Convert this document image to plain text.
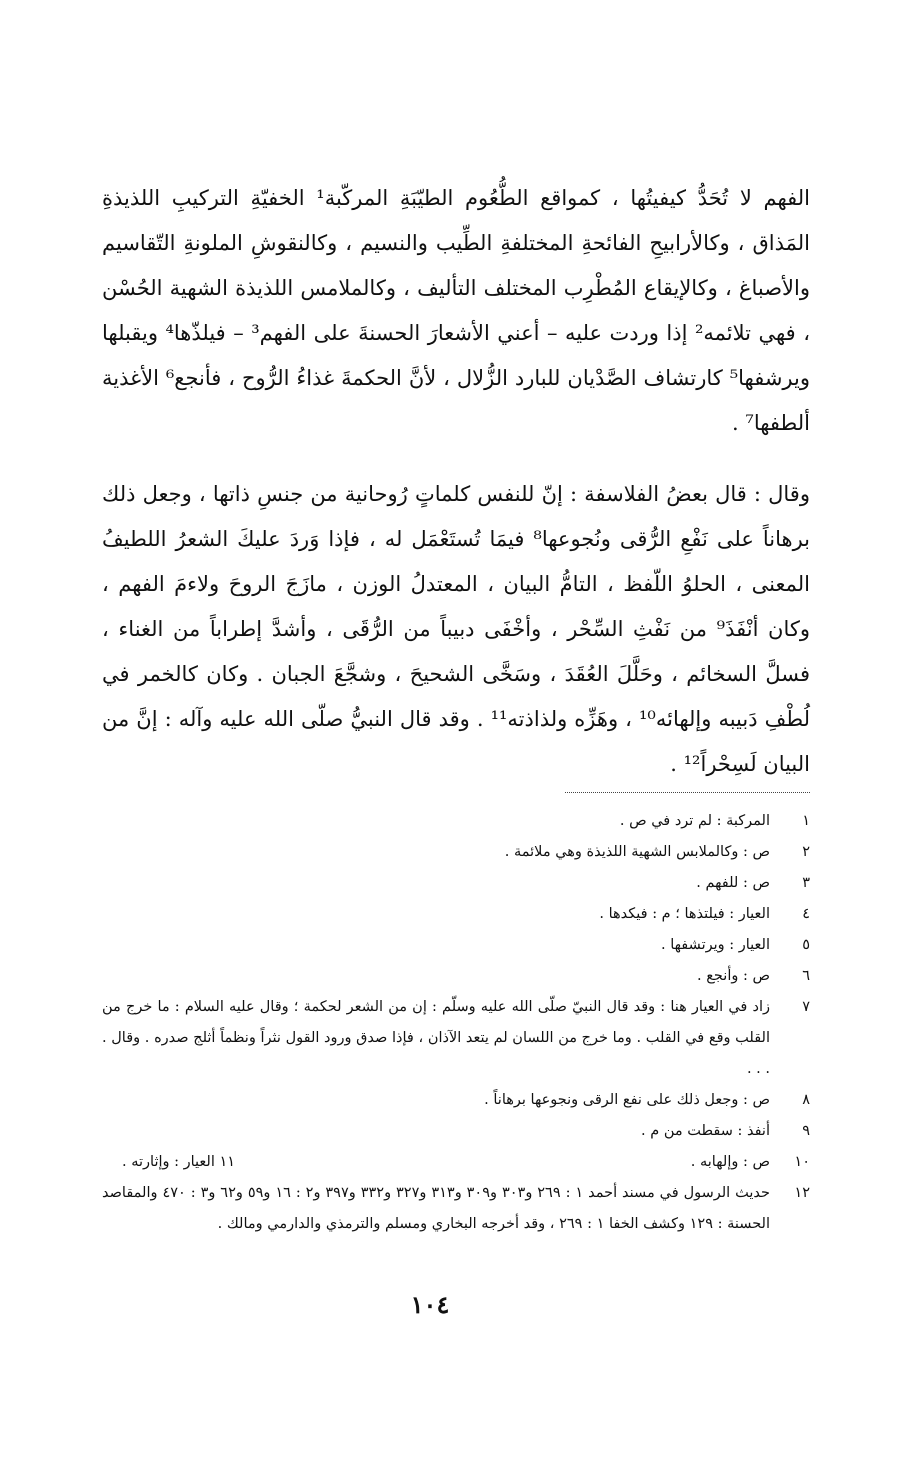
الفهم لا تُحَدُّ كيفيتُها ، كمواقع الطُّعُوم الطيّبَةِ المركّبة¹ الخفيّةِ التركيبِ اللذيذةِ المَذاق ، وكالأرابيحِ الفائحةِ المختلفةِ الطِّيب والنسيم ، وكالنقوشِ الملونةِ التّقاسيم والأصباغ ، وكالإيقاع المُطْرِب المختلف التأليف ، وكالملامس اللذيذة الشهية الحُسْن ، فهي تلائمه² إذا وردت عليه – أعني الأشعارَ الحسنةَ على الفهم³ – فيلذّها⁴ ويقبلها ويرشفها⁵ كارتشاف الصَّدْيان للبارد الزُّلال ، لأنَّ الحكمةَ غذاءُ الرُّوح ، فأنجع⁶ الأغذية ألطفها⁷ .

وقال : قال بعضُ الفلاسفة : إنّ للنفس كلماتٍ رُوحانية من جنسِ ذاتها ، وجعل ذلك برهاناً على نَفْعِ الرُّقى ونُجوعها⁸ فيمَا تُستَعْمَل له ، فإذا وَردَ عليكَ الشعرُ اللطيفُ المعنى ، الحلوُ اللّفظ ، التامُّ البيان ، المعتدلُ الوزن ، مازَجَ الروحَ ولاءمَ الفهم ، وكان أنْفَذَ⁹ من نَفْثِ السِّحْر ، وأخْفَى دبيباً من الرُّقَى ، وأشدَّ إطراباً من الغناء ، فسلَّ السخائم ، وحَلَّلَ العُقَدَ ، وسَخَّى الشحيحَ ، وشجَّعَ الجبان . وكان كالخمر في لُطْفِ دَبيبه وإلهائه¹⁰ ، وهَزِّه ولذاذته¹¹ . وقد قال النبيُّ صلّى الله عليه وآله : إنَّ من البيان لَسِحْراً¹² .

١
المركبة : لم ترد في ص .
٢
ص : وكالملابس الشهية اللذيذة وهي ملائمة .
٣
ص : للفهم .
٤
العيار : فيلتذها ؛ م : فيكدها .
٥
العيار : ويرتشفها .
٦
ص : وأنجع .
٧
زاد في العيار هنا : وقد قال النبيّ صلّى الله عليه وسلّم : إن من الشعر لحكمة ؛ وقال عليه السلام : ما خرج من القلب وقع في القلب . وما خرج من اللسان لم يتعد الآذان ، فإذا صدق ورود القول نثراً ونظماً أثلج صدره . وقال . . . .
٨
ص : وجعل ذلك على نفع الرقى ونجوعها برهاناً .
٩
أنفذ : سقطت من م .
١٠
ص : وإلهابه .
١١ العيار : وإثارته .
١٢
حديث الرسول في مسند أحمد ١ : ٢٦٩ و٣٠٣ و٣٠٩ و٣١٣ و٣٢٧ و٣٣٢ و٣٩٧ و٢ : ١٦ و٥٩ و٦٢ و٣ : ٤٧٠ والمقاصد الحسنة : ١٢٩ وكشف الخفا ١ : ٢٦٩ ، وقد أخرجه البخاري ومسلم والترمذي والدارمي ومالك .
١٠٤
